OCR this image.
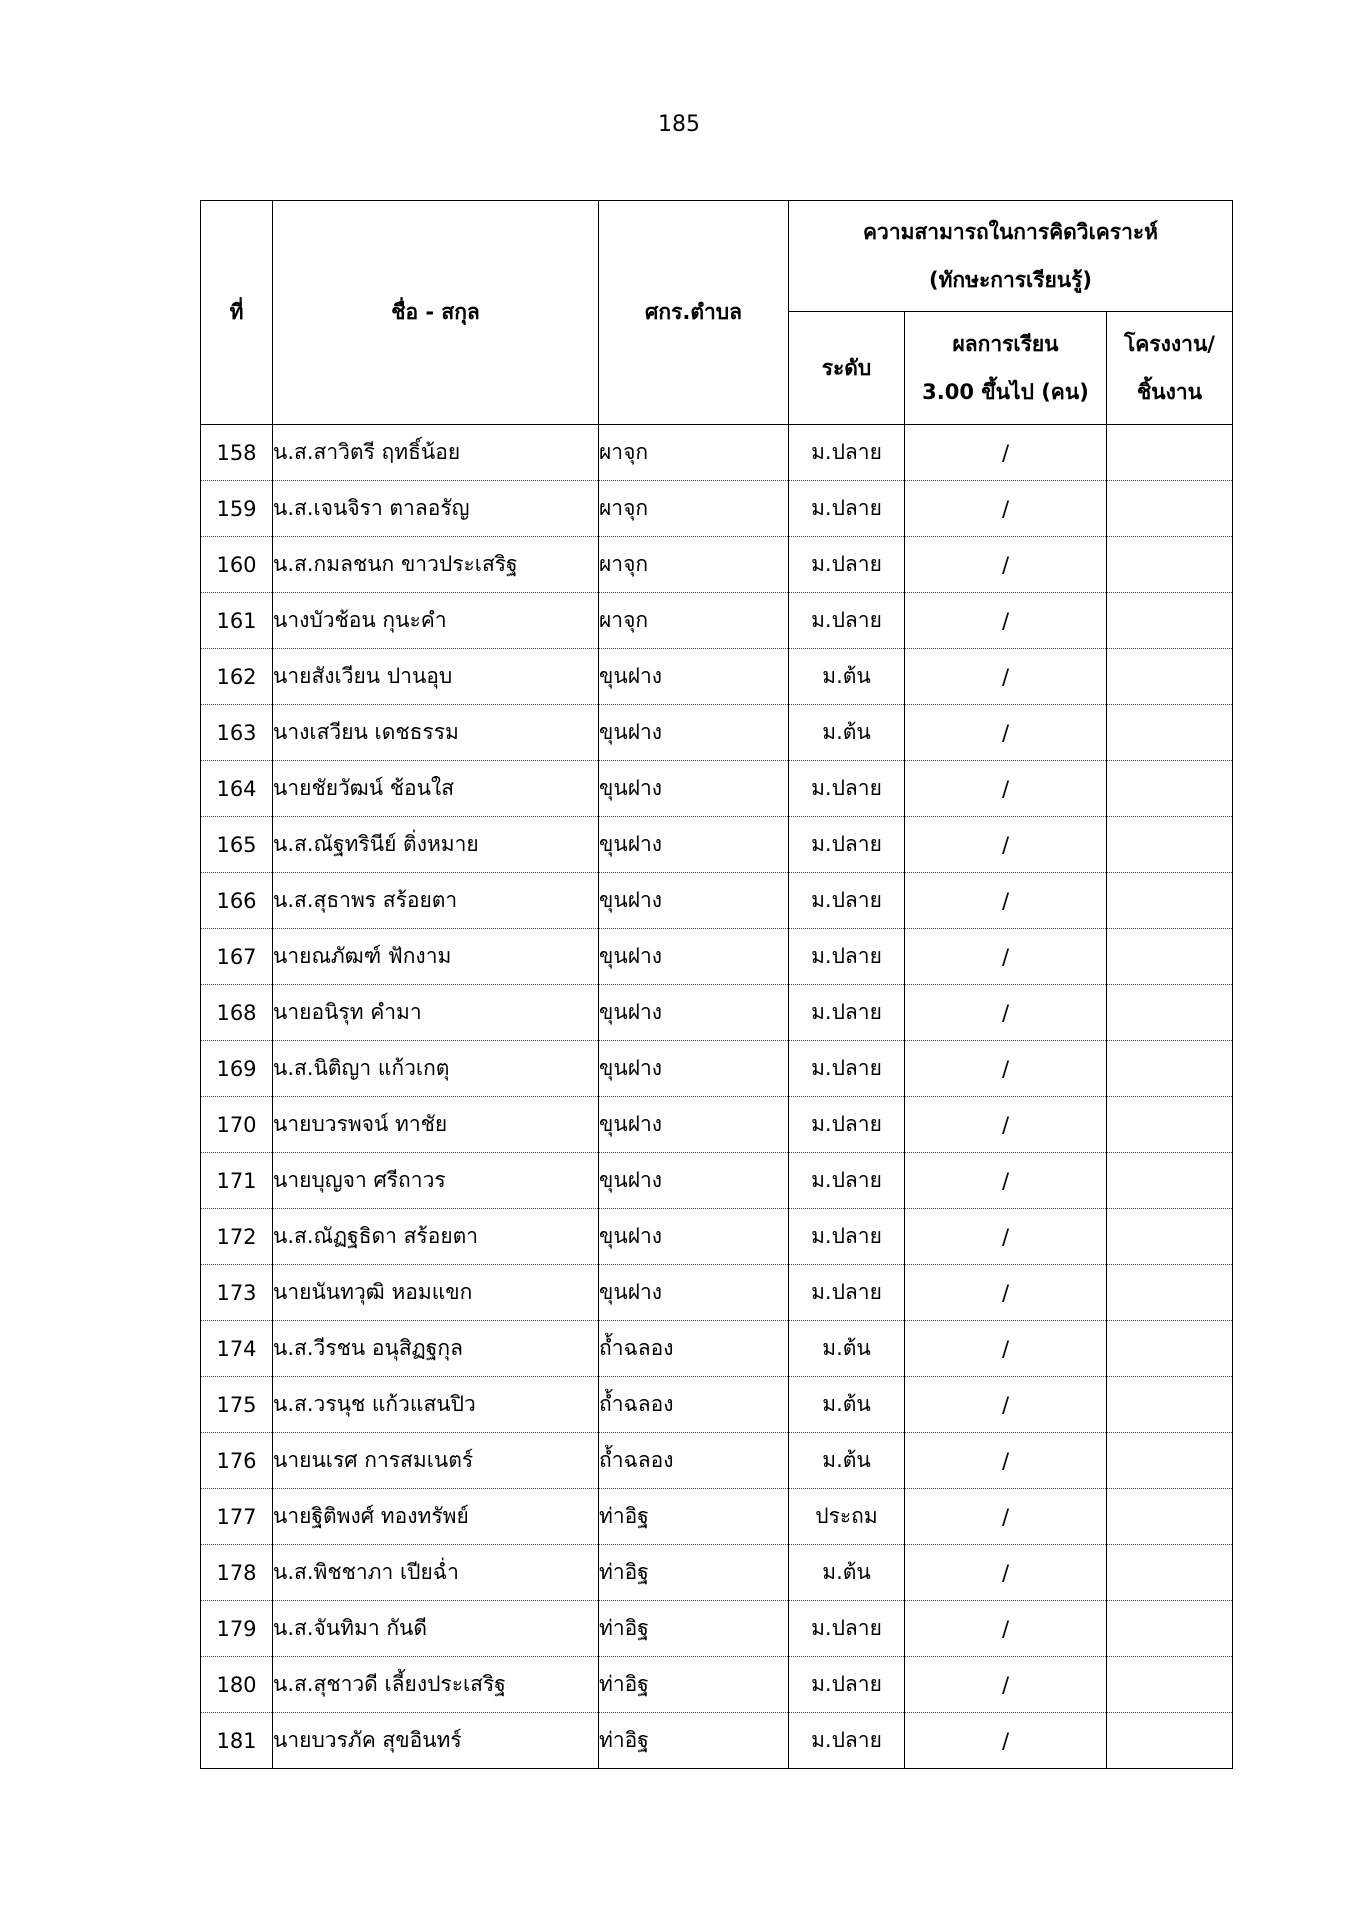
185
ที่	ชื่อ - สกุล	ศกร.ตำบล	ความสามารถในการคิดวิเคราะห์
(ทักษะการเรียนรู้)		

			ระดับ	ผลการเรียน
3.00 ขึ้นไป (คน)	โครงงาน/
ชิ้นงาน

158	น.ส.สาวิตรี ฤทธิ์น้อย	ผาจุก	ม.ปลาย	/	
159	น.ส.เจนจิรา ตาลอรัญ	ผาจุก	ม.ปลาย	/	
160	น.ส.กมลชนก ขาวประเสริฐ	ผาจุก	ม.ปลาย	/	
161	นางบัวช้อน กุนะคำ	ผาจุก	ม.ปลาย	/	
162	นายสังเวียน ปานอุบ	ขุนฝาง	ม.ต้น	/	
163	นางเสวียน เดชธรรม	ขุนฝาง	ม.ต้น	/	
164	นายชัยวัฒน์ ช้อนใส	ขุนฝาง	ม.ปลาย	/	
165	น.ส.ณัฐทรินีย์ ติ่งหมาย	ขุนฝาง	ม.ปลาย	/	
166	น.ส.สุธาพร สร้อยตา	ขุนฝาง	ม.ปลาย	/	
167	นายณภัฒฑ์ ฟักงาม	ขุนฝาง	ม.ปลาย	/	
168	นายอนิรุท คำมา	ขุนฝาง	ม.ปลาย	/	
169	น.ส.นิติญา แก้วเกตุ	ขุนฝาง	ม.ปลาย	/	
170	นายบวรพจน์ ทาชัย	ขุนฝาง	ม.ปลาย	/	
171	นายบุญจา ศรีถาวร	ขุนฝาง	ม.ปลาย	/	
172	น.ส.ณัฏฐธิดา สร้อยตา	ขุนฝาง	ม.ปลาย	/	
173	นายนันทวุฒิ หอมแขก	ขุนฝาง	ม.ปลาย	/	
174	น.ส.วีรชน อนุสิฏฐกุล	ถ้ำฉลอง	ม.ต้น	/	
175	น.ส.วรนุช แก้วแสนปิว	ถ้ำฉลอง	ม.ต้น	/	
176	นายนเรศ การสมเนตร์	ถ้ำฉลอง	ม.ต้น	/	
177	นายฐิติพงศ์ ทองทรัพย์	ท่าอิฐ	ประถม	/	
178	น.ส.พิชชาภา เปียฉ่ำ	ท่าอิฐ	ม.ต้น	/	
179	น.ส.จันทิมา กันดี	ท่าอิฐ	ม.ปลาย	/	
180	น.ส.สุชาวดี เลี้ยงประเสริฐ	ท่าอิฐ	ม.ปลาย	/	
181	นายบวรภัค สุขอินทร์	ท่าอิฐ	ม.ปลาย	/	
